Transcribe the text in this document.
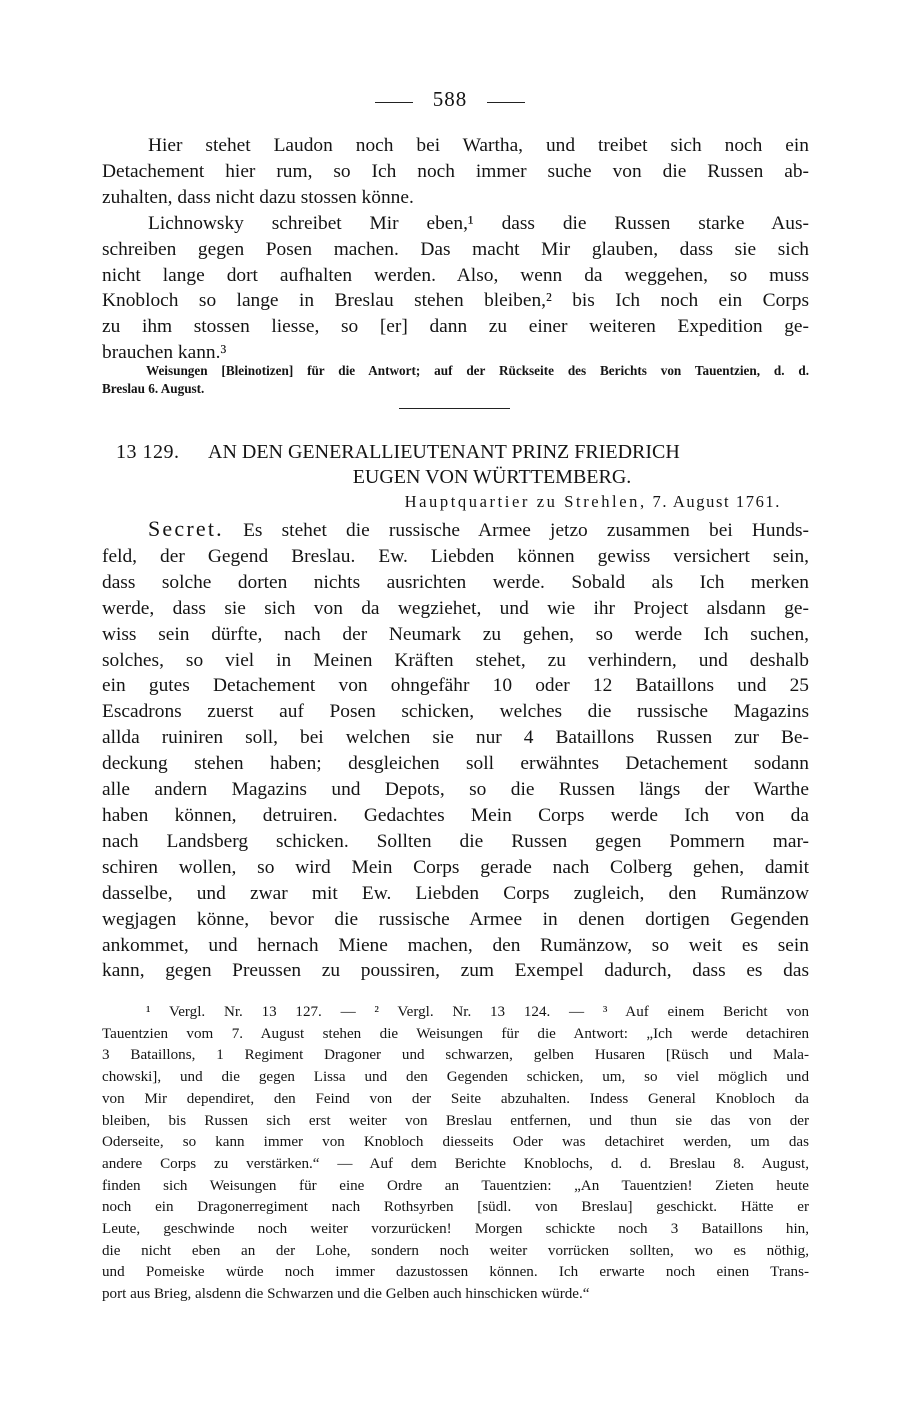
588
Hier stehet Laudon noch bei Wartha, und treibet sich noch ein
Detachement hier rum, so Ich noch immer suche von die Russen ab-
zuhalten, dass nicht dazu stossen könne.
Lichnowsky schreibet Mir eben,¹ dass die Russen starke Aus-
schreiben gegen Posen machen. Das macht Mir glauben, dass sie sich
nicht lange dort aufhalten werden. Also, wenn da weggehen, so muss
Knobloch so lange in Breslau stehen bleiben,² bis Ich noch ein Corps
zu ihm stossen liesse, so [er] dann zu einer weiteren Expedition ge-
brauchen kann.³
Weisungen [Bleinotizen] für die Antwort; auf der Rückseite des Berichts von Tauentzien, d. d.
Breslau 6. August.
13 129. AN DEN GENERALLIEUTENANT PRINZ FRIEDRICH
EUGEN VON WÜRTTEMBERG.
Hauptquartier zu Strehlen, 7. August 1761.
Secret. Es stehet die russische Armee jetzo zusammen bei Hunds-
feld, der Gegend Breslau. Ew. Liebden können gewiss versichert sein,
dass solche dorten nichts ausrichten werde. Sobald als Ich merken
werde, dass sie sich von da wegziehet, und wie ihr Project alsdann ge-
wiss sein dürfte, nach der Neumark zu gehen, so werde Ich suchen,
solches, so viel in Meinen Kräften stehet, zu verhindern, und deshalb
ein gutes Detachement von ohngefähr 10 oder 12 Bataillons und 25
Escadrons zuerst auf Posen schicken, welches die russische Magazins
allda ruiniren soll, bei welchen sie nur 4 Bataillons Russen zur Be-
deckung stehen haben; desgleichen soll erwähntes Detachement sodann
alle andern Magazins und Depots, so die Russen längs der Warthe
haben können, detruiren. Gedachtes Mein Corps werde Ich von da
nach Landsberg schicken. Sollten die Russen gegen Pommern mar-
schiren wollen, so wird Mein Corps gerade nach Colberg gehen, damit
dasselbe, und zwar mit Ew. Liebden Corps zugleich, den Rumänzow
wegjagen könne, bevor die russische Armee in denen dortigen Gegenden
ankommet, und hernach Miene machen, den Rumänzow, so weit es sein
kann, gegen Preussen zu poussiren, zum Exempel dadurch, dass es das
¹ Vergl. Nr. 13 127. — ² Vergl. Nr. 13 124. — ³ Auf einem Bericht von
Tauentzien vom 7. August stehen die Weisungen für die Antwort: „Ich werde detachiren
3 Bataillons, 1 Regiment Dragoner und schwarzen, gelben Husaren [Rüsch und Mala-
chowski], und die gegen Lissa und den Gegenden schicken, um, so viel möglich und
von Mir dependiret, den Feind von der Seite abzuhalten. Indess General Knobloch da
bleiben, bis Russen sich erst weiter von Breslau entfernen, und thun sie das von der
Oderseite, so kann immer von Knobloch diesseits Oder was detachiret werden, um das
andere Corps zu verstärken.“ — Auf dem Berichte Knoblochs, d. d. Breslau 8. August,
finden sich Weisungen für eine Ordre an Tauentzien: „An Tauentzien! Zieten heute
noch ein Dragonerregiment nach Rothsyrben [südl. von Breslau] geschickt. Hätte er
Leute, geschwinde noch weiter vorzurücken! Morgen schickte noch 3 Bataillons hin,
die nicht eben an der Lohe, sondern noch weiter vorrücken sollten, wo es nöthig,
und Pomeiske würde noch immer dazustossen können. Ich erwarte noch einen Trans-
port aus Brieg, alsdenn die Schwarzen und die Gelben auch hinschicken würde.“
